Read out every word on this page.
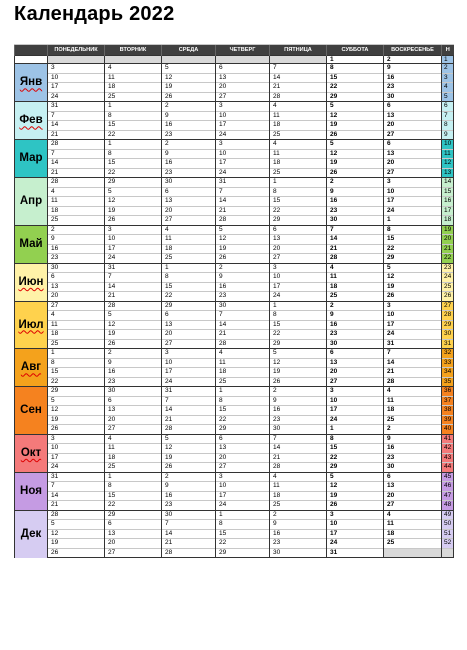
Календарь 2022
	ПОНЕДЕЛЬНИК	ВТОРНИК	СРЕДА	ЧЕТВЕРГ	ПЯТНИЦА	СУББОТА	ВОСКРЕСЕНЬЕ	Н
						1	2	1
Янв	3	4	5	6	7	8	9	2
	10	11	12	13	14	15	16	3
	17	18	19	20	21	22	23	4
	24	25	26	27	28	29	30	5
Фев	31	1	2	3	4	5	6	6
	7	8	9	10	11	12	13	7
	14	15	16	17	18	19	20	8
	21	22	23	24	25	26	27	9
Мар	28	1	2	3	4	5	6	10
	7	8	9	10	11	12	13	11
	14	15	16	17	18	19	20	12
	21	22	23	24	25	26	27	13
Апр	28	29	30	31	1	2	3	14
	4	5	6	7	8	9	10	15
	11	12	13	14	15	16	17	16
	18	19	20	21	22	23	24	17
	25	26	27	28	29	30	1	18
Май	2	3	4	5	6	7	8	19
	9	10	11	12	13	14	15	20
	16	17	18	19	20	21	22	21
	23	24	25	26	27	28	29	22
Июн	30	31	1	2	3	4	5	23
	6	7	8	9	10	11	12	24
	13	14	15	16	17	18	19	25
	20	21	22	23	24	25	26	26
Июл	27	28	29	30	1	2	3	27
	4	5	6	7	8	9	10	28
	11	12	13	14	15	16	17	29
	18	19	20	21	22	23	24	30
	25	26	27	28	29	30	31	31
Авг	1	2	3	4	5	6	7	32
	8	9	10	11	12	13	14	33
	15	16	17	18	19	20	21	34
	22	23	24	25	26	27	28	35
Сен	29	30	31	1	2	3	4	36
	5	6	7	8	9	10	11	37
	12	13	14	15	16	17	18	38
	19	20	21	22	23	24	25	39
	26	27	28	29	30	1	2	40
Окт	3	4	5	6	7	8	9	41
	10	11	12	13	14	15	16	42
	17	18	19	20	21	22	23	43
	24	25	26	27	28	29	30	44
Ноя	31	1	2	3	4	5	6	45
	7	8	9	10	11	12	13	46
	14	15	16	17	18	19	20	47
	21	22	23	24	25	26	27	48
Дек	28	29	30	1	2	3	4	49
	5	6	7	8	9	10	11	50
	12	13	14	15	16	17	18	51
	19	20	21	22	23	24	25	52
	26	27	28	29	30	31		
